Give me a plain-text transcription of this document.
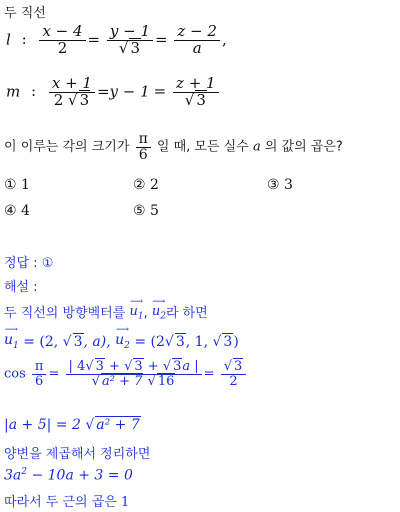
두 직선
l : $\frac{x - 4}{2} = \frac{y - 1}{√ 3} = \frac{z - 2}{a}$ ,
m : $\frac{x + 1}{2 √ 3} =y - 1 = \frac{z + 1}{√ 3}$
이 이루는 각의 크기가 $\frac{\pi}{6}$ 일 때, 모든 실수 a 의 값의 곱은?
① 1	② 2	③ 3
④ 4	⑤ 5
정답 : ①
해설 :
두 직선의 방향벡터를
⟶
$u_1$ ,
⟶
$u_2$ 라 하면
⟶
$u_1 = (2$, √ 3, a),
⟶
$u_2 = (2√$ 3, 1, √ 3)
$\cos \frac{\pi}{6} = \frac{| 4√ 3 + √ 3 + √ 3a |}{\text{√ a² + 7 √ 16}} = \frac{√ 3}{2}$
|a + 5| = 2 √ a² + 7
양변을 제곱해서 정리하면
$3a^2 - 10a + 3 = 0$
따라서 두 근의 곱은 1
